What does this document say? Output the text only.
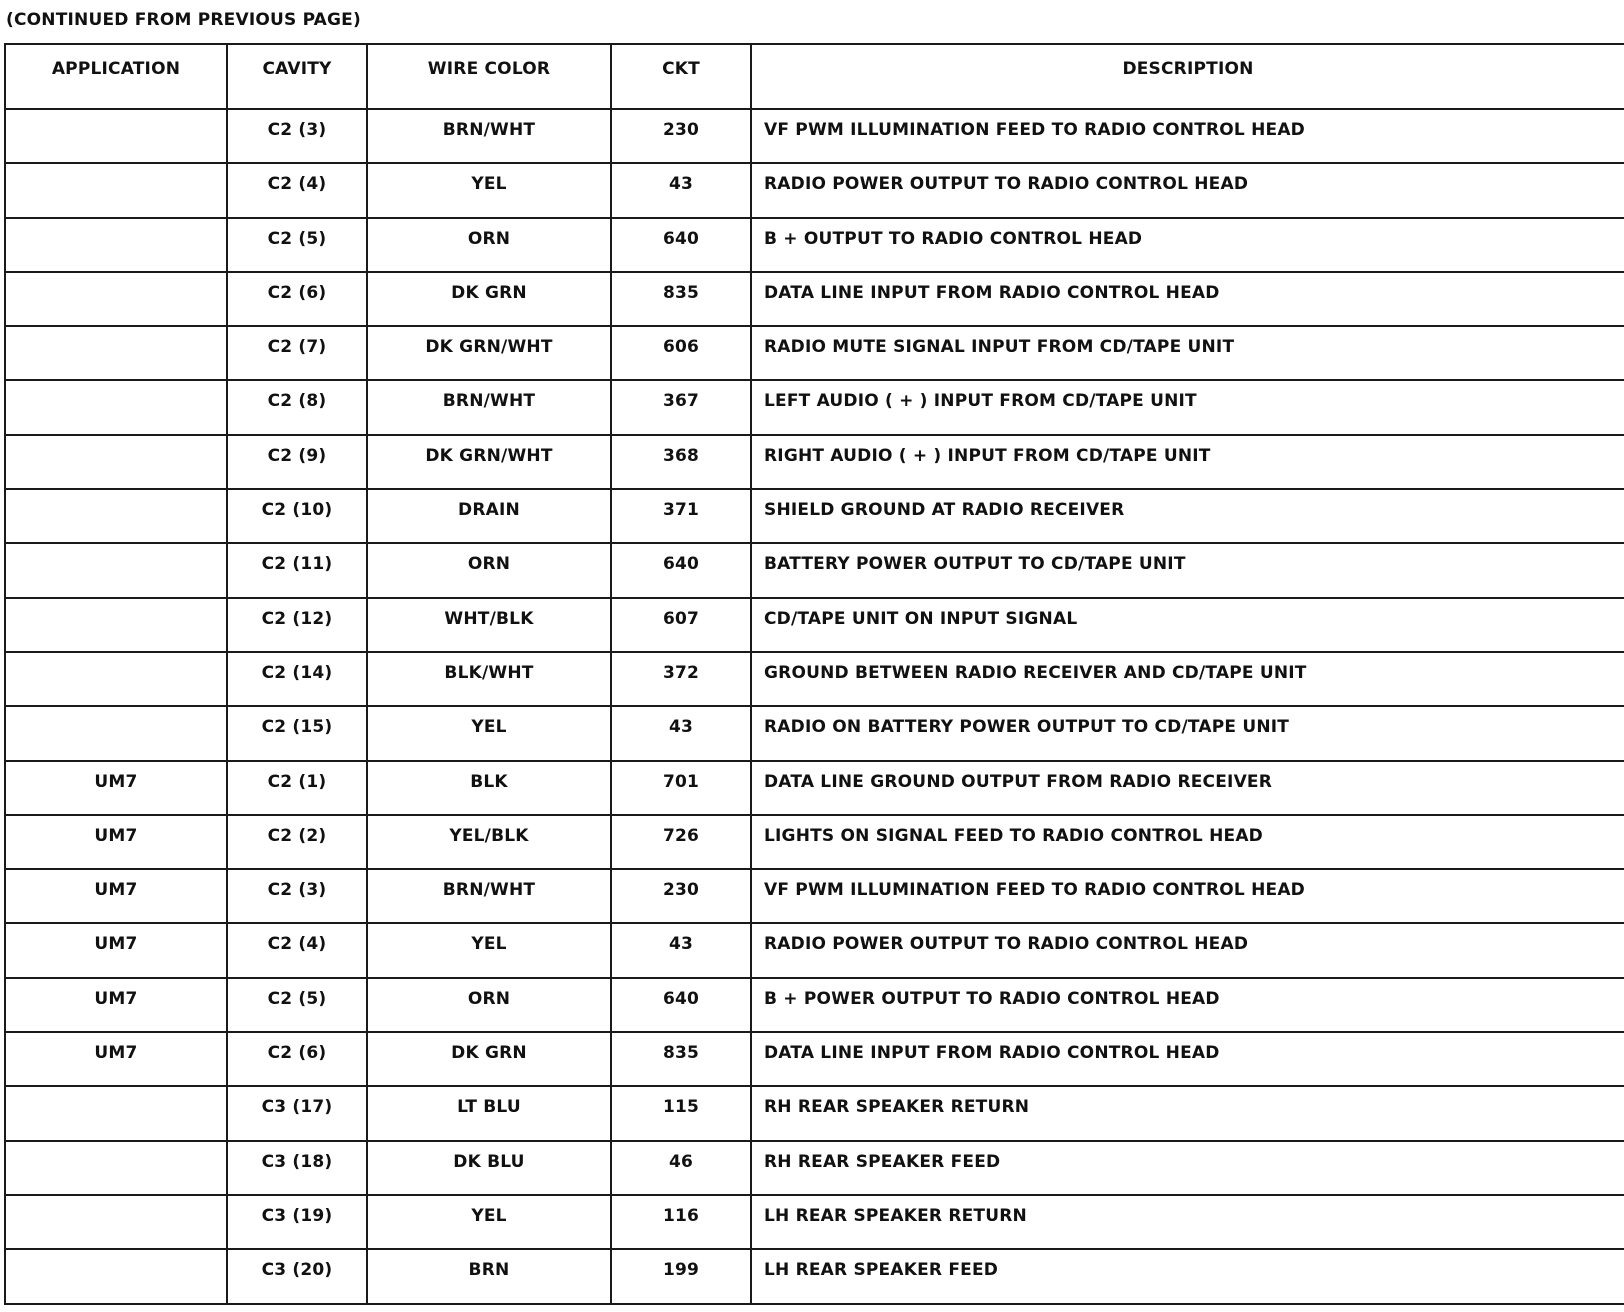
(CONTINUED FROM PREVIOUS PAGE)
APPLICATION	CAVITY	WIRE COLOR	CKT	DESCRIPTION
	C2 (3)	BRN/WHT	230	VF PWM ILLUMINATION FEED TO RADIO CONTROL HEAD
	C2 (4)	YEL	43	RADIO POWER OUTPUT TO RADIO CONTROL HEAD
	C2 (5)	ORN	640	B + OUTPUT TO RADIO CONTROL HEAD
	C2 (6)	DK GRN	835	DATA LINE INPUT FROM RADIO CONTROL HEAD
	C2 (7)	DK GRN/WHT	606	RADIO MUTE SIGNAL INPUT FROM CD/TAPE UNIT
	C2 (8)	BRN/WHT	367	LEFT AUDIO ( + ) INPUT FROM CD/TAPE UNIT
	C2 (9)	DK GRN/WHT	368	RIGHT AUDIO ( + ) INPUT FROM CD/TAPE UNIT
	C2 (10)	DRAIN	371	SHIELD GROUND AT RADIO RECEIVER
	C2 (11)	ORN	640	BATTERY POWER OUTPUT TO CD/TAPE UNIT
	C2 (12)	WHT/BLK	607	CD/TAPE UNIT ON INPUT SIGNAL
	C2 (14)	BLK/WHT	372	GROUND BETWEEN RADIO RECEIVER AND CD/TAPE UNIT
	C2 (15)	YEL	43	RADIO ON BATTERY POWER OUTPUT TO CD/TAPE UNIT
UM7	C2 (1)	BLK	701	DATA LINE GROUND OUTPUT FROM RADIO RECEIVER
UM7	C2 (2)	YEL/BLK	726	LIGHTS ON SIGNAL FEED TO RADIO CONTROL HEAD
UM7	C2 (3)	BRN/WHT	230	VF PWM ILLUMINATION FEED TO RADIO CONTROL HEAD
UM7	C2 (4)	YEL	43	RADIO POWER OUTPUT TO RADIO CONTROL HEAD
UM7	C2 (5)	ORN	640	B + POWER OUTPUT TO RADIO CONTROL HEAD
UM7	C2 (6)	DK GRN	835	DATA LINE INPUT FROM RADIO CONTROL HEAD
	C3 (17)	LT BLU	115	RH REAR SPEAKER RETURN
	C3 (18)	DK BLU	46	RH REAR SPEAKER FEED
	C3 (19)	YEL	116	LH REAR SPEAKER RETURN
	C3 (20)	BRN	199	LH REAR SPEAKER FEED
